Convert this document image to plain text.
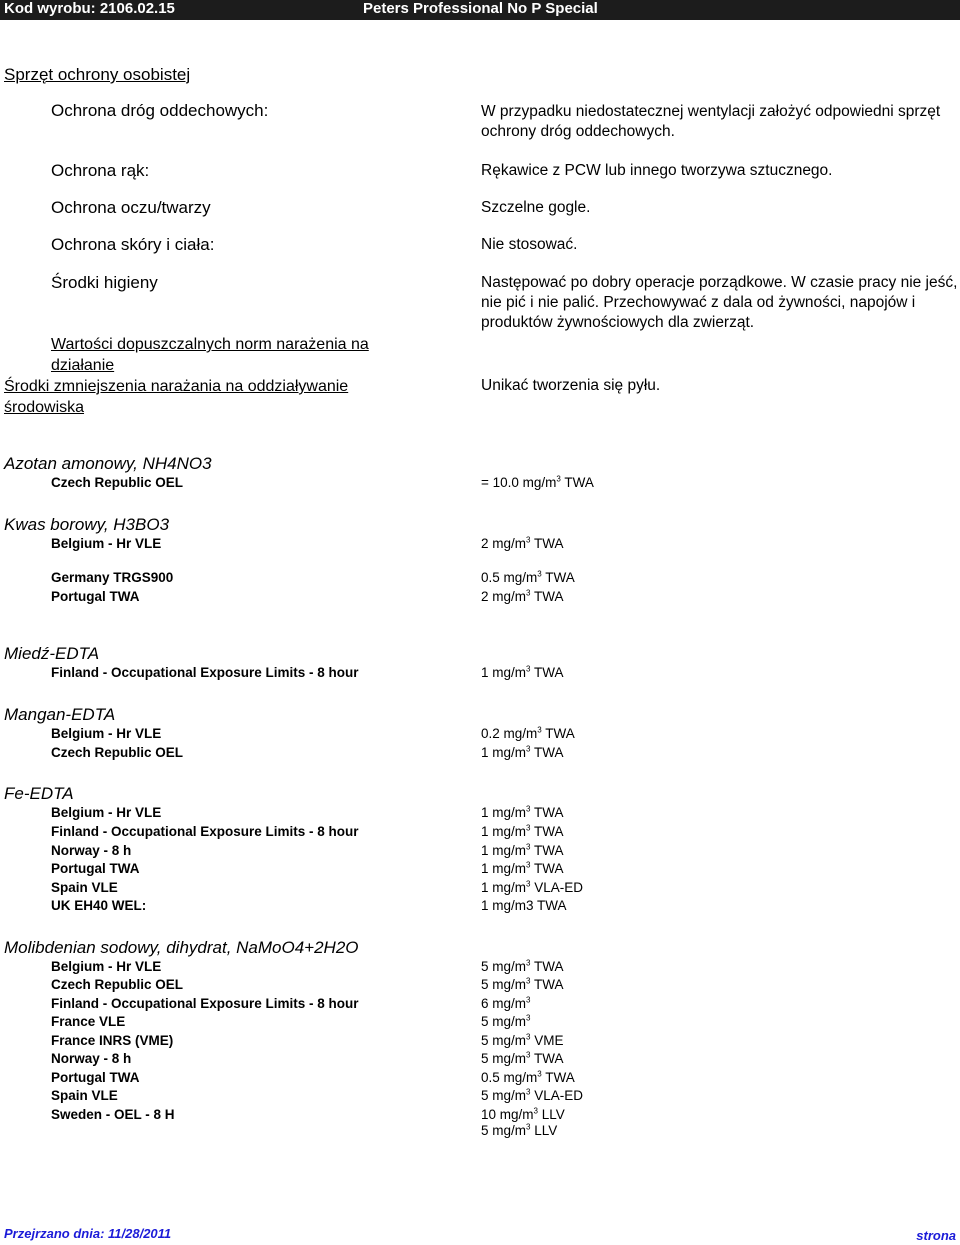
Kod wyrobu: 2106.02.15	Peters Professional No P Special
Sprzęt ochrony osobistej
Ochrona dróg oddechowych:	W przypadku niedostatecznej wentylacji założyć odpowiedni sprzęt ochrony dróg oddechowych.
Ochrona rąk:	Rękawice z PCW lub innego tworzywa sztucznego.
Ochrona oczu/twarzy	Szczelne gogle.
Ochrona skóry i ciała:	Nie stosować.
Środki higieny	Następować po dobry operacje porządkowe. W czasie pracy nie jeść, nie pić i nie palić. Przechowywać z dala od żywności, napojów i produktów żywnościowych dla zwierząt.
Wartości dopuszczalnych norm narażenia na działanie
Środki zmniejszenia narażania na oddziaływanie środowiska
Unikać tworzenia się pyłu.
Azotan amonowy, NH4NO3
Czech Republic OEL	= 10.0 $mg/m^3$ TWA
Kwas borowy, H3BO3
Belgium - Hr VLE	2 $mg/m^3$ TWA
Germany TRGS900	0.5 $mg/m^3$ TWA
Portugal TWA	2 $mg/m^3$ TWA
Miedź-EDTA
Finland - Occupational Exposure Limits - 8 hour	1 $mg/m^3$ TWA
Mangan-EDTA
Belgium - Hr VLE	0.2 $mg/m^3$ TWA
Czech Republic OEL	1 $mg/m^3$ TWA
Fe-EDTA
Belgium - Hr VLE	1 $mg/m^3$ TWA
Finland - Occupational Exposure Limits - 8 hour	1 $mg/m^3$ TWA
Norway - 8 h	1 $mg/m^3$ TWA
Portugal TWA	1 $mg/m^3$ TWA
Spain VLE	1 $mg/m^3$ VLA-ED
UK EH40 WEL:	1 mg/m3 TWA
Molibdenian sodowy, dihydrat, NaMoO4+2H2O
Belgium - Hr VLE	5 $mg/m^3$ TWA
Czech Republic OEL	5 $mg/m^3$ TWA
Finland - Occupational Exposure Limits - 8 hour	6 $mg/m^3$
France VLE	5 $mg/m^3$
France INRS (VME)	5 $mg/m^3$ VME
Norway - 8 h	5 $mg/m^3$ TWA
Portugal TWA	0.5 $mg/m^3$ TWA
Spain VLE	5 $mg/m^3$ VLA-ED
Sweden - OEL - 8 H	10 $mg/m^3$ LLV
5 $mg/m^3$ LLV
Przejrzano dnia: 11/28/2011	strona
